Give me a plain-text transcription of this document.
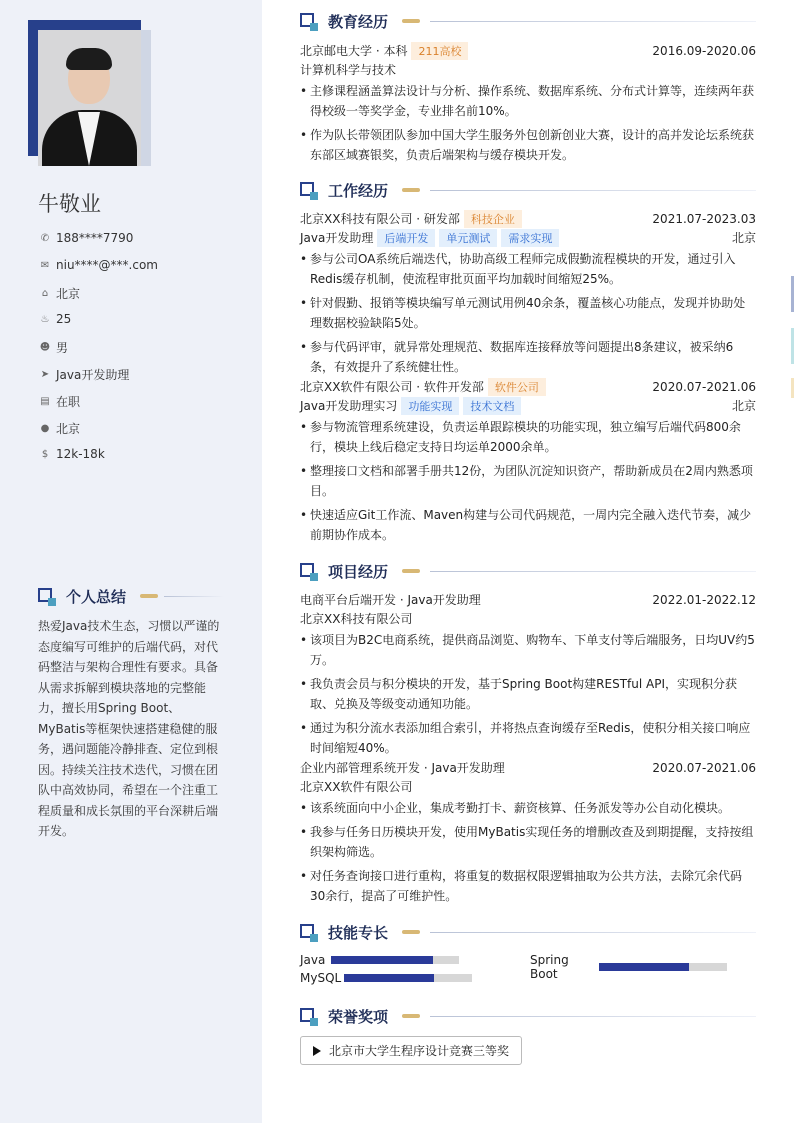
牛敬业
✆ 188****7790
✉ niu****@***.com
⌂ 北京
♨ 25
☻ 男
➤ Java开发助理
▤ 在职
● 北京
$ 12k-18k
个人总结
热爱Java技术生态，习惯以严谨的态度编写可维护的后端代码，对代码整洁与架构合理性有要求。具备从需求拆解到模块落地的完整能力，擅长用Spring Boot、MyBatis等框架快速搭建稳健的服务，遇问题能冷静排查、定位到根因。持续关注技术迭代，习惯在团队中高效协同，希望在一个注重工程质量和成长氛围的平台深耕后端开发。
教育经历
北京邮电大学 · 本科	211高校	2016.09-2020.06
计算机科学与技术
• 主修课程涵盖算法设计与分析、操作系统、数据库系统、分布式计算等，连续两年获得校级一等奖学金，专业排名前10%。
• 作为队长带领团队参加中国大学生服务外包创新创业大赛，设计的高并发论坛系统获东部区域赛银奖，负责后端架构与缓存模块开发。
工作经历
北京XX科技有限公司 · 研发部	科技企业	2021.07-2023.03
Java开发助理	后端开发	单元测试	需求实现	北京
• 参与公司OA系统后端迭代，协助高级工程师完成假勤流程模块的开发，通过引入Redis缓存机制，使流程审批页面平均加载时间缩短25%。
• 针对假勤、报销等模块编写单元测试用例40余条，覆盖核心功能点，发现并协助处理数据校验缺陷5处。
• 参与代码评审，就异常处理规范、数据库连接释放等问题提出8条建议，被采纳6条，有效提升了系统健壮性。
北京XX软件有限公司 · 软件开发部	软件公司	2020.07-2021.06
Java开发助理实习	功能实现	技术文档	北京
• 参与物流管理系统建设，负责运单跟踪模块的功能实现，独立编写后端代码800余行，模块上线后稳定支持日均运单2000余单。
• 整理接口文档和部署手册共12份，为团队沉淀知识资产，帮助新成员在2周内熟悉项目。
• 快速适应Git工作流、Maven构建与公司代码规范，一周内完全融入迭代节奏，减少前期协作成本。
项目经历
电商平台后端开发 · Java开发助理	2022.01-2022.12
北京XX科技有限公司
• 该项目为B2C电商系统，提供商品浏览、购物车、下单支付等后端服务，日均UV约5万。
• 我负责会员与积分模块的开发，基于Spring Boot构建RESTful API，实现积分获取、兑换及等级变动通知功能。
• 通过为积分流水表添加组合索引，并将热点查询缓存至Redis，使积分相关接口响应时间缩短40%。
企业内部管理系统开发 · Java开发助理	2020.07-2021.06
北京XX软件有限公司
• 该系统面向中小企业，集成考勤打卡、薪资核算、任务派发等办公自动化模块。
• 我参与任务日历模块开发，使用MyBatis实现任务的增删改查及到期提醒，支持按组织架构筛选。
• 对任务查询接口进行重构，将重复的数据权限逻辑抽取为公共方法，去除冗余代码30余行，提高了可维护性。
技能专长
Java	Spring Boot
MySQL
荣誉奖项
北京市大学生程序设计竞赛三等奖
